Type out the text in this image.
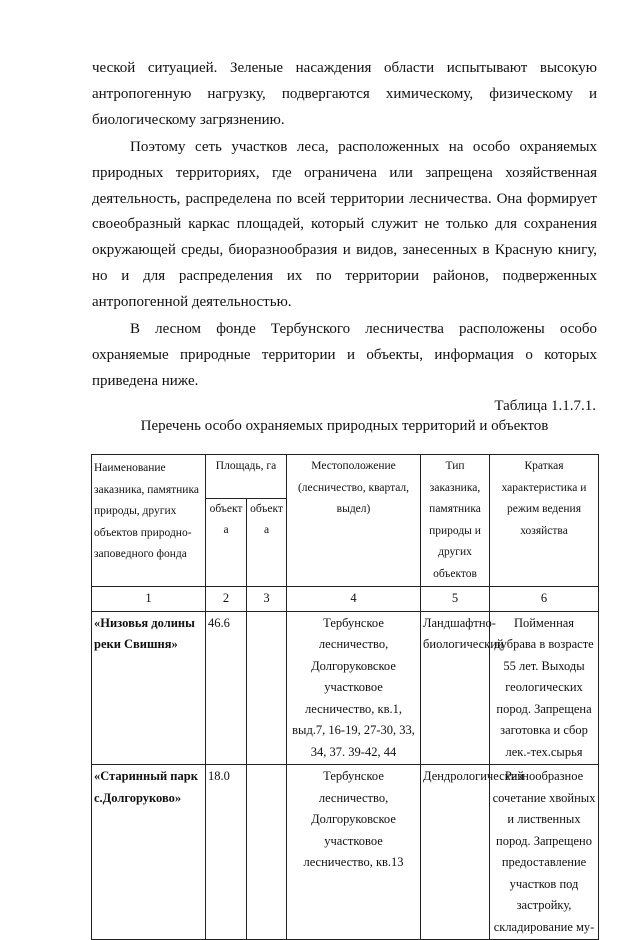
ческой ситуацией. Зеленые насаждения области испытывают высокую антропогенную нагрузку, подвергаются химическому, физическому и биологическому загрязнению.

Поэтому сеть участков леса, расположенных на особо охраняемых природных территориях, где ограничена или запрещена хозяйственная деятельность, распределена по всей территории лесничества. Она формирует своеобразный каркас площадей, который служит не только для сохранения окружающей среды, биоразнообразия и видов, занесенных в Красную книгу, но и для распределения их по территории районов, подверженных антропогенной деятельностью.

В лесном фонде Тербунского лесничества расположены особо охраняемые природные территории и объекты, информация о которых приведена ниже.

Таблица 1.1.7.1.
Перечень особо охраняемых природных территорий и объектов
Наименование заказника, памятника природы, других объектов природно-заповедного фонда	Площадь, га		Местоположение (лесничество, квартал, выдел)	Тип заказника, памятника природы и других объектов	Краткая характеристика и режим ведения хозяйства
	объекта	объекта			
1	2	3	4	5	6
«Низовья долины реки Свишня»	46.6		Тербунское лесничество, Долгоруковское участковое лесничество, кв.1, выд.7, 16-19, 27-30, 33, 34, 37. 39-42, 44	Ландшафтно-биологический	Пойменная дубрава в возрасте 55 лет. Выходы геологических пород. Запрещена заготовка и сбор лек.-тех.сырья
«Старинный парк с.Долгоруково»	18.0		Тербунское лесничество, Долгоруковское участковое лесничество, кв.13	Дендрологический	Разнообразное сочетание хвойных и лиственных пород. Запрещено предоставление участков под застройку, складирование му-
